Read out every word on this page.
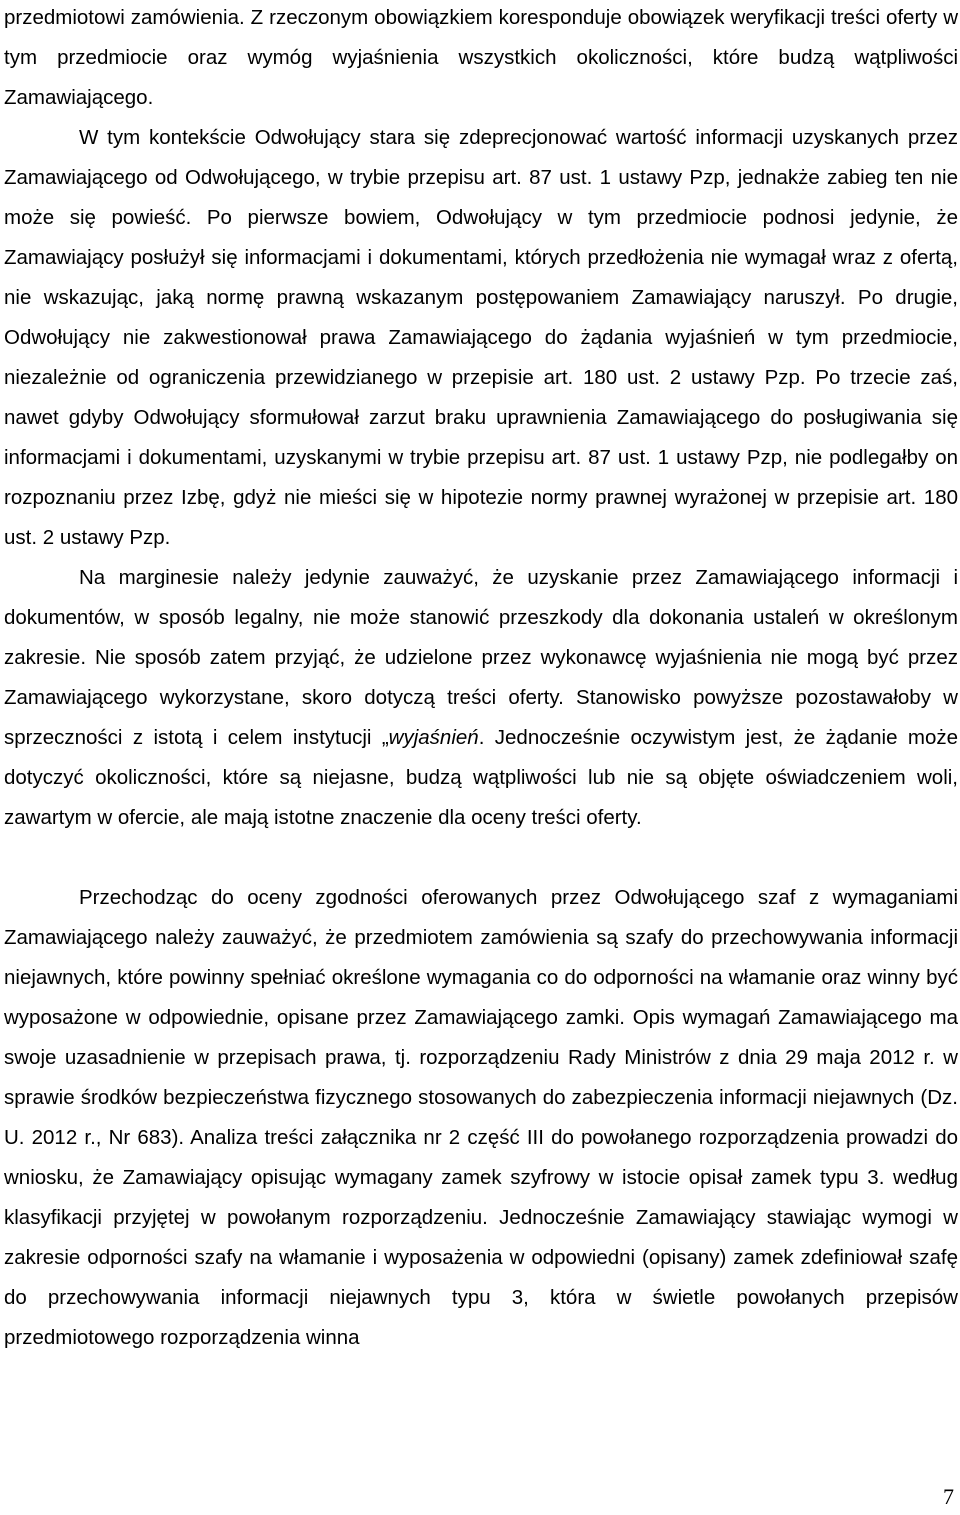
przedmiotowi zamówienia. Z rzeczonym obowiązkiem koresponduje obowiązek weryfikacji treści oferty w tym przedmiocie oraz wymóg wyjaśnienia wszystkich okoliczności, które budzą wątpliwości Zamawiającego.

W tym kontekście Odwołujący stara się zdeprecjonować wartość informacji uzyskanych przez Zamawiającego od Odwołującego, w trybie przepisu art. 87 ust. 1 ustawy Pzp, jednakże zabieg ten nie może się powieść. Po pierwsze bowiem, Odwołujący w tym przedmiocie podnosi jedynie, że Zamawiający posłużył się informacjami i dokumentami, których przedłożenia nie wymagał wraz z ofertą, nie wskazując, jaką normę prawną wskazanym postępowaniem Zamawiający naruszył. Po drugie, Odwołujący nie zakwestionował prawa Zamawiającego do żądania wyjaśnień w tym przedmiocie, niezależnie od ograniczenia przewidzianego w przepisie art. 180 ust. 2 ustawy Pzp. Po trzecie zaś, nawet gdyby Odwołujący sformułował zarzut braku uprawnienia Zamawiającego do posługiwania się informacjami i dokumentami, uzyskanymi w trybie przepisu art. 87 ust. 1 ustawy Pzp, nie podlegałby on rozpoznaniu przez Izbę, gdyż nie mieści się w hipotezie normy prawnej wyrażonej w przepisie art. 180 ust. 2 ustawy Pzp.

Na marginesie należy jedynie zauważyć, że uzyskanie przez Zamawiającego informacji i dokumentów, w sposób legalny, nie może stanowić przeszkody dla dokonania ustaleń w określonym zakresie. Nie sposób zatem przyjąć, że udzielone przez wykonawcę wyjaśnienia nie mogą być przez Zamawiającego wykorzystane, skoro dotyczą treści oferty. Stanowisko powyższe pozostawałoby w sprzeczności z istotą i celem instytucji „wyjaśnień. Jednocześnie oczywistym jest, że żądanie może dotyczyć okoliczności, które są niejasne, budzą wątpliwości lub nie są objęte oświadczeniem woli, zawartym w ofercie, ale mają istotne znaczenie dla oceny treści oferty.

Przechodząc do oceny zgodności oferowanych przez Odwołującego szaf z wymaganiami Zamawiającego należy zauważyć, że przedmiotem zamówienia są szafy do przechowywania informacji niejawnych, które powinny spełniać określone wymagania co do odporności na włamanie oraz winny być wyposażone w odpowiednie, opisane przez Zamawiającego zamki. Opis wymagań Zamawiającego ma swoje uzasadnienie w przepisach prawa, tj. rozporządzeniu Rady Ministrów z dnia 29 maja 2012 r. w sprawie środków bezpieczeństwa fizycznego stosowanych do zabezpieczenia informacji niejawnych (Dz. U. 2012 r., Nr 683). Analiza treści załącznika nr 2 część III do powołanego rozporządzenia prowadzi do wniosku, że Zamawiający opisując wymagany zamek szyfrowy w istocie opisał zamek typu 3. według klasyfikacji przyjętej w powołanym rozporządzeniu. Jednocześnie Zamawiający stawiając wymogi w zakresie odporności szafy na włamanie i wyposażenia w odpowiedni (opisany) zamek zdefiniował szafę do przechowywania informacji niejawnych typu 3, która w świetle powołanych przepisów przedmiotowego rozporządzenia winna

7
